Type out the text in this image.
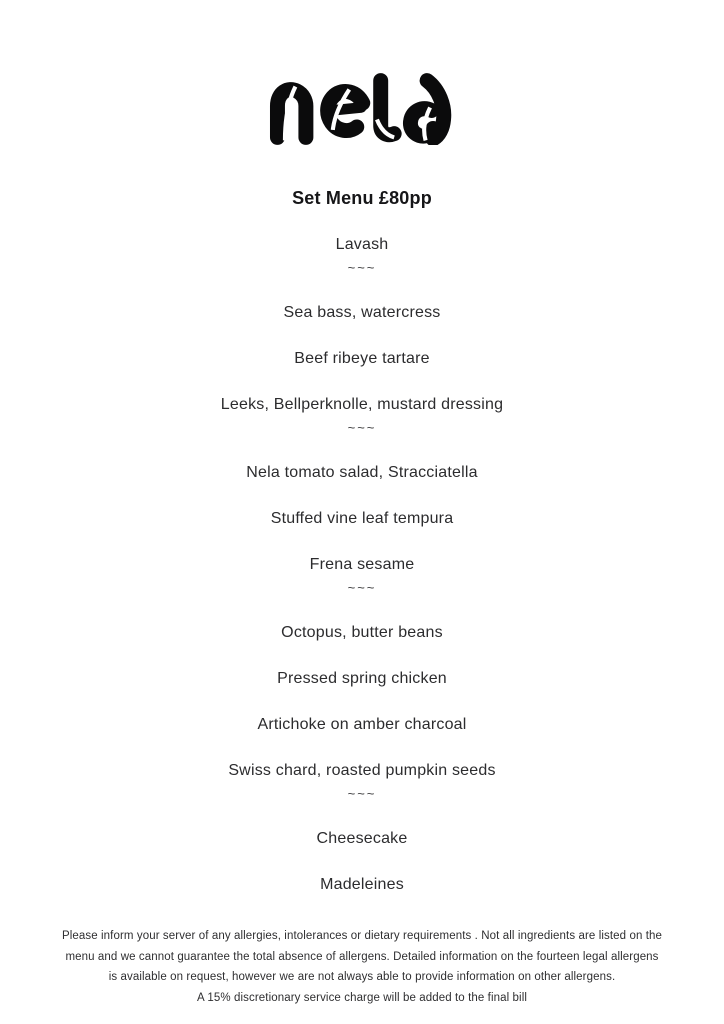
Set Menu £80pp
Lavash
~~~
Sea bass, watercress
Beef ribeye tartare
Leeks, Bellperknolle, mustard dressing
~~~
Nela tomato salad, Stracciatella
Stuffed vine leaf tempura
Frena sesame
~~~
Octopus, butter beans
Pressed spring chicken
Artichoke on amber charcoal
Swiss chard, roasted pumpkin seeds
~~~
Cheesecake
Madeleines

Please inform your server of any allergies, intolerances or dietary requirements . Not all ingredients are listed on the

menu and we cannot guarantee the total absence of allergens. Detailed information on the fourteen legal allergens

is available on request, however we are not always able to provide information on other allergens.

A 15% discretionary service charge will be added to the final bill
